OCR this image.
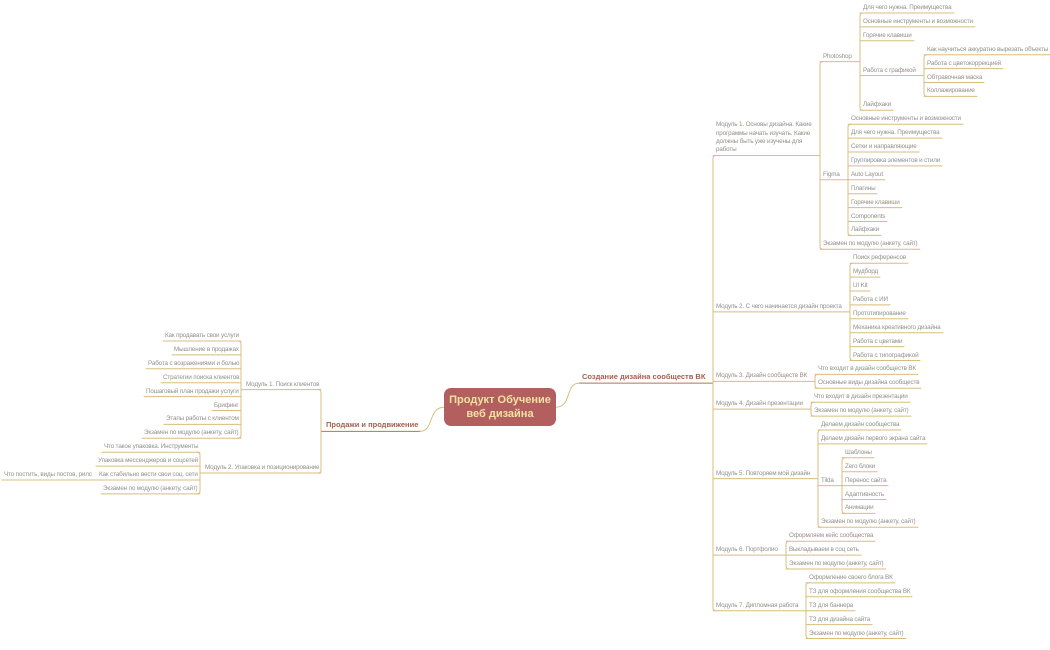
Продукт Обучение веб дизайна
Создание дизайна сообществ ВК
Модуль 1. Основы дизайна. Какие программы начать изучать. Какие должны быть уже изучены для работы
Photoshop
Для чего нужна. Преимущества
Основные инструменты и возможности
Горячие клавиши
Работа с графикой
Как научиться аккуратно вырезать объекты
Работа с цветокоррекцией
Обтравочная маска
Коллажирование
Лайфхаки
Figma
Основные инструменты и возможности
Для чего нужна. Преимущества
Сетки и направляющие
Группировка элементов и стили
Auto Layout
Плагины
Горячие клавиши
Components
Лайфхаки
Экзамен по модулю (анкету, сайт)
Модуль 2. С чего начинается дизайн проекта
Поиск референсов
Мудборд
UI Kit
Работа с ИИ
Прототипирование
Механика креативного дизайна
Работа с цветами
Работа с типографикой
Модуль 3. Дизайн сообществ ВК
Что входит в дизайн сообществ ВК
Основные виды дизайна сообществ
Модуль 4. Дизайн презентации
Что входит в дизайн презентации
Экзамен по модулю (анкету, сайт)
Модуль 5. Повторяем мой дизайн
Делаем дизайн сообщества
Делаем дизайн первого экрана сайта
Tilda
Шаблоны
Zero блоки
Перенос сайта
Адаптивность
Анимации
Экзамен по модулю (анкету, сайт)
Модуль 6. Портфолио
Оформляем кейс сообщества
Выкладываем в соц сеть
Экзамен по модулю (анкету, сайт)
Модуль 7. Дипломная работа
Оформление своего блога ВК
ТЗ для оформления сообщества ВК
ТЗ для баннера
ТЗ для дизайна сайта
Экзамен по модулю (анкету, сайт)
Продажи и продвижение
Модуль 1. Поиск клиентов
Как продавать свои услуги
Мышление в продажах
Работа с возражениями и болью
Стратегии поиска клиентов
Пошаговый план продажи услуги
Брифинг
Этапы работы с клиентом
Экзамен по модулю (анкету, сайт)
Модуль 2. Упаковка и позиционирование
Что такое упаковка. Инструменты
Упаковка мессенджеров и соцсетей
Как стабильно вести свои соц. сети
Что постить, виды постов, рилс
Экзамен по модулю (анкету, сайт)
